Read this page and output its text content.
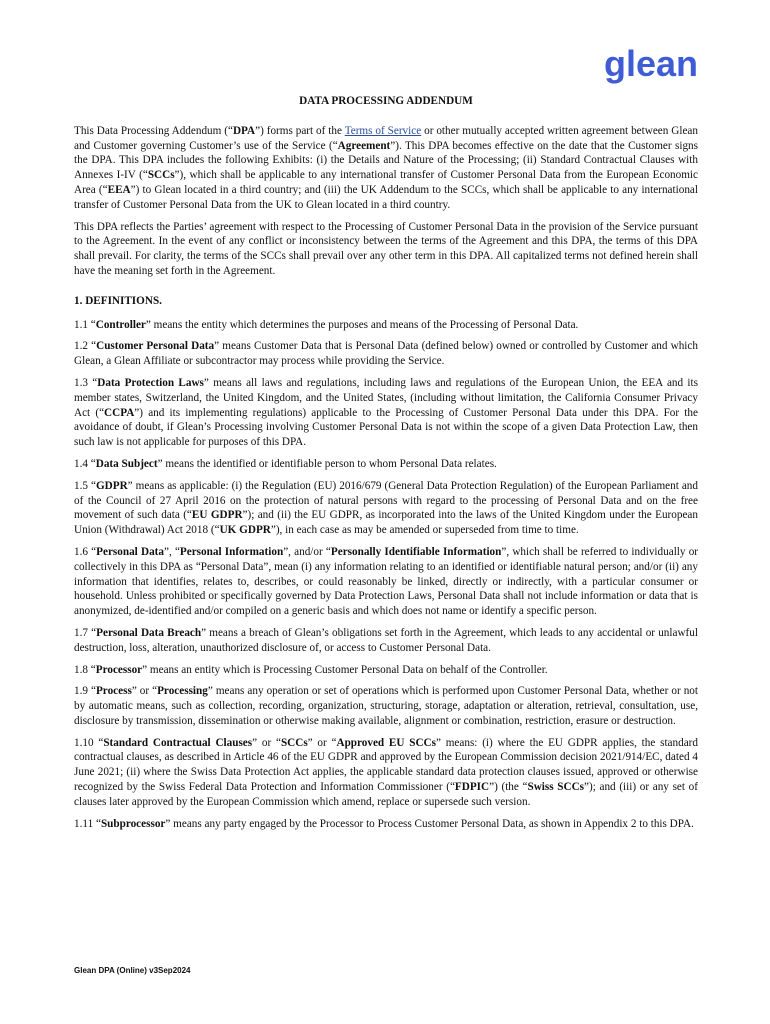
glean
DATA PROCESSING ADDENDUM

This Data Processing Addendum (“DPA”) forms part of the Terms of Service or other mutually accepted written agreement between Glean and Customer governing Customer’s use of the Service (“Agreement”). This DPA becomes effective on the date that the Customer signs the DPA. This DPA includes the following Exhibits: (i) the Details and Nature of the Processing; (ii) Standard Contractual Clauses with Annexes I-IV (“SCCs”), which shall be applicable to any international transfer of Customer Personal Data from the European Economic Area (“EEA”) to Glean located in a third country; and (iii) the UK Addendum to the SCCs, which shall be applicable to any international transfer of Customer Personal Data from the UK to Glean located in a third country.

This DPA reflects the Parties’ agreement with respect to the Processing of Customer Personal Data in the provision of the Service pursuant to the Agreement. In the event of any conflict or inconsistency between the terms of the Agreement and this DPA, the terms of this DPA shall prevail. For clarity, the terms of the SCCs shall prevail over any other term in this DPA. All capitalized terms not defined herein shall have the meaning set forth in the Agreement.

1. DEFINITIONS.

1.1 “Controller” means the entity which determines the purposes and means of the Processing of Personal Data.

1.2 “Customer Personal Data” means Customer Data that is Personal Data (defined below) owned or controlled by Customer and which Glean, a Glean Affiliate or subcontractor may process while providing the Service.

1.3 “Data Protection Laws” means all laws and regulations, including laws and regulations of the European Union, the EEA and its member states, Switzerland, the United Kingdom, and the United States, (including without limitation, the California Consumer Privacy Act (“CCPA”) and its implementing regulations) applicable to the Processing of Customer Personal Data under this DPA. For the avoidance of doubt, if Glean’s Processing involving Customer Personal Data is not within the scope of a given Data Protection Law, then such law is not applicable for purposes of this DPA.

1.4 “Data Subject” means the identified or identifiable person to whom Personal Data relates.

1.5 “GDPR” means as applicable: (i) the Regulation (EU) 2016/679 (General Data Protection Regulation) of the European Parliament and of the Council of 27 April 2016 on the protection of natural persons with regard to the processing of Personal Data and on the free movement of such data (“EU GDPR”); and (ii) the EU GDPR, as incorporated into the laws of the United Kingdom under the European Union (Withdrawal) Act 2018 (“UK GDPR”), in each case as may be amended or superseded from time to time.

1.6 “Personal Data”, “Personal Information”, and/or “Personally Identifiable Information”, which shall be referred to individually or collectively in this DPA as “Personal Data”, mean (i) any information relating to an identified or identifiable natural person; and/or (ii) any information that identifies, relates to, describes, or could reasonably be linked, directly or indirectly, with a particular consumer or household. Unless prohibited or specifically governed by Data Protection Laws, Personal Data shall not include information or data that is anonymized, de-identified and/or compiled on a generic basis and which does not name or identify a specific person.

1.7 “Personal Data Breach” means a breach of Glean’s obligations set forth in the Agreement, which leads to any accidental or unlawful destruction, loss, alteration, unauthorized disclosure of, or access to Customer Personal Data.

1.8 “Processor” means an entity which is Processing Customer Personal Data on behalf of the Controller.

1.9 “Process” or “Processing” means any operation or set of operations which is performed upon Customer Personal Data, whether or not by automatic means, such as collection, recording, organization, structuring, storage, adaptation or alteration, retrieval, consultation, use, disclosure by transmission, dissemination or otherwise making available, alignment or combination, restriction, erasure or destruction.

1.10 “Standard Contractual Clauses” or “SCCs” or “Approved EU SCCs” means: (i) where the EU GDPR applies, the standard contractual clauses, as described in Article 46 of the EU GDPR and approved by the European Commission decision 2021/914/EC, dated 4 June 2021; (ii) where the Swiss Data Protection Act applies, the applicable standard data protection clauses issued, approved or otherwise recognized by the Swiss Federal Data Protection and Information Commissioner (“FDPIC”) (the “Swiss SCCs”); and (iii) or any set of clauses later approved by the European Commission which amend, replace or supersede such version.

1.11 “Subprocessor” means any party engaged by the Processor to Process Customer Personal Data, as shown in Appendix 2 to this DPA.

Glean DPA (Online) v3Sep2024
